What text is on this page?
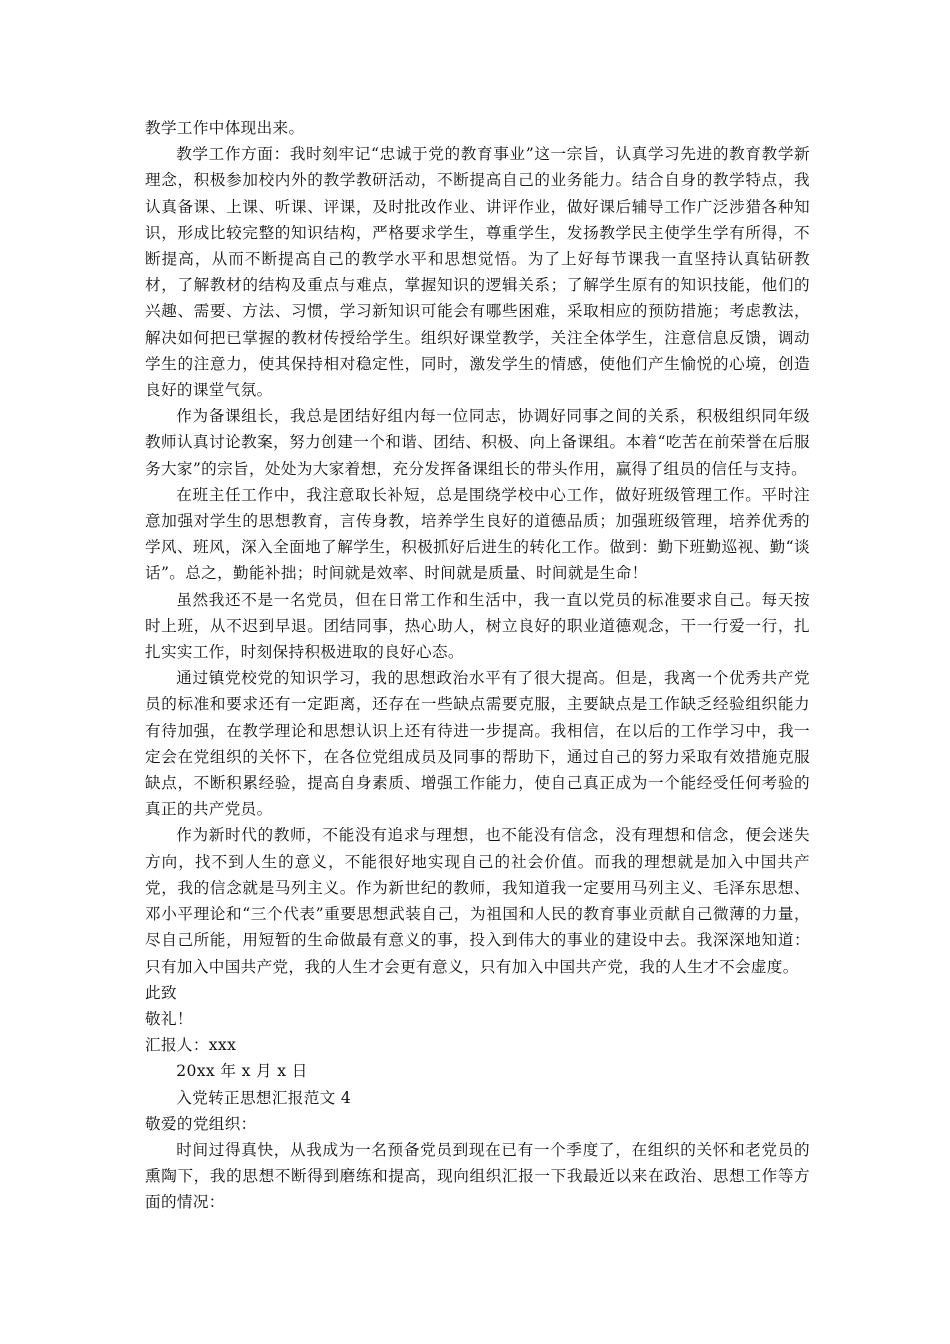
教学工作中体现出来。

教学工作方面：我时刻牢记“忠诚于党的教育事业”这一宗旨，认真学习先进的教育教学新理念，积极参加校内外的教学教研活动，不断提高自己的业务能力。结合自身的教学特点，我认真备课、上课、听课、评课，及时批改作业、讲评作业，做好课后辅导工作广泛涉猎各种知识，形成比较完整的知识结构，严格要求学生，尊重学生，发扬教学民主使学生学有所得，不断提高，从而不断提高自己的教学水平和思想觉悟。为了上好每节课我一直坚持认真钻研教材，了解教材的结构及重点与难点，掌握知识的逻辑关系；了解学生原有的知识技能，他们的兴趣、需要、方法、习惯，学习新知识可能会有哪些困难，采取相应的预防措施；考虑教法，解决如何把已掌握的教材传授给学生。组织好课堂教学，关注全体学生，注意信息反馈，调动学生的注意力，使其保持相对稳定性，同时，激发学生的情感，使他们产生愉悦的心境，创造良好的课堂气氛。

作为备课组长，我总是团结好组内每一位同志，协调好同事之间的关系，积极组织同年级教师认真讨论教案，努力创建一个和谐、团结、积极、向上备课组。本着“吃苦在前荣誉在后服务大家”的宗旨，处处为大家着想，充分发挥备课组长的带头作用，赢得了组员的信任与支持。

在班主任工作中，我注意取长补短，总是围绕学校中心工作，做好班级管理工作。平时注意加强对学生的思想教育，言传身教，培养学生良好的道德品质；加强班级管理，培养优秀的学风、班风，深入全面地了解学生，积极抓好后进生的转化工作。做到：勤下班勤巡视、勤“谈话”。总之，勤能补拙；时间就是效率、时间就是质量、时间就是生命！

虽然我还不是一名党员，但在日常工作和生活中，我一直以党员的标准要求自己。每天按时上班，从不迟到早退。团结同事，热心助人，树立良好的职业道德观念，干一行爱一行，扎扎实实工作，时刻保持积极进取的良好心态。

通过镇党校党的知识学习，我的思想政治水平有了很大提高。但是，我离一个优秀共产党员的标准和要求还有一定距离，还存在一些缺点需要克服，主要缺点是工作缺乏经验组织能力有待加强，在教学理论和思想认识上还有待进一步提高。我相信，在以后的工作学习中，我一定会在党组织的关怀下，在各位党组成员及同事的帮助下，通过自己的努力采取有效措施克服缺点，不断积累经验，提高自身素质、增强工作能力，使自己真正成为一个能经受任何考验的真正的共产党员。

作为新时代的教师，不能没有追求与理想，也不能没有信念，没有理想和信念，便会迷失方向，找不到人生的意义，不能很好地实现自己的社会价值。而我的理想就是加入中国共产党，我的信念就是马列主义。作为新世纪的教师，我知道我一定要用马列主义、毛泽东思想、邓小平理论和“三个代表”重要思想武装自己，为祖国和人民的教育事业贡献自己微薄的力量，尽自己所能，用短暂的生命做最有意义的事，投入到伟大的事业的建设中去。我深深地知道：只有加入中国共产党，我的人生才会更有意义，只有加入中国共产党，我的人生才不会虚度。

此致

敬礼！

汇报人：xxx

20xx 年 x 月 x 日

入党转正思想汇报范文 4

敬爱的党组织：

时间过得真快，从我成为一名预备党员到现在已有一个季度了，在组织的关怀和老党员的熏陶下，我的思想不断得到磨练和提高，现向组织汇报一下我最近以来在政治、思想工作等方面的情况：
